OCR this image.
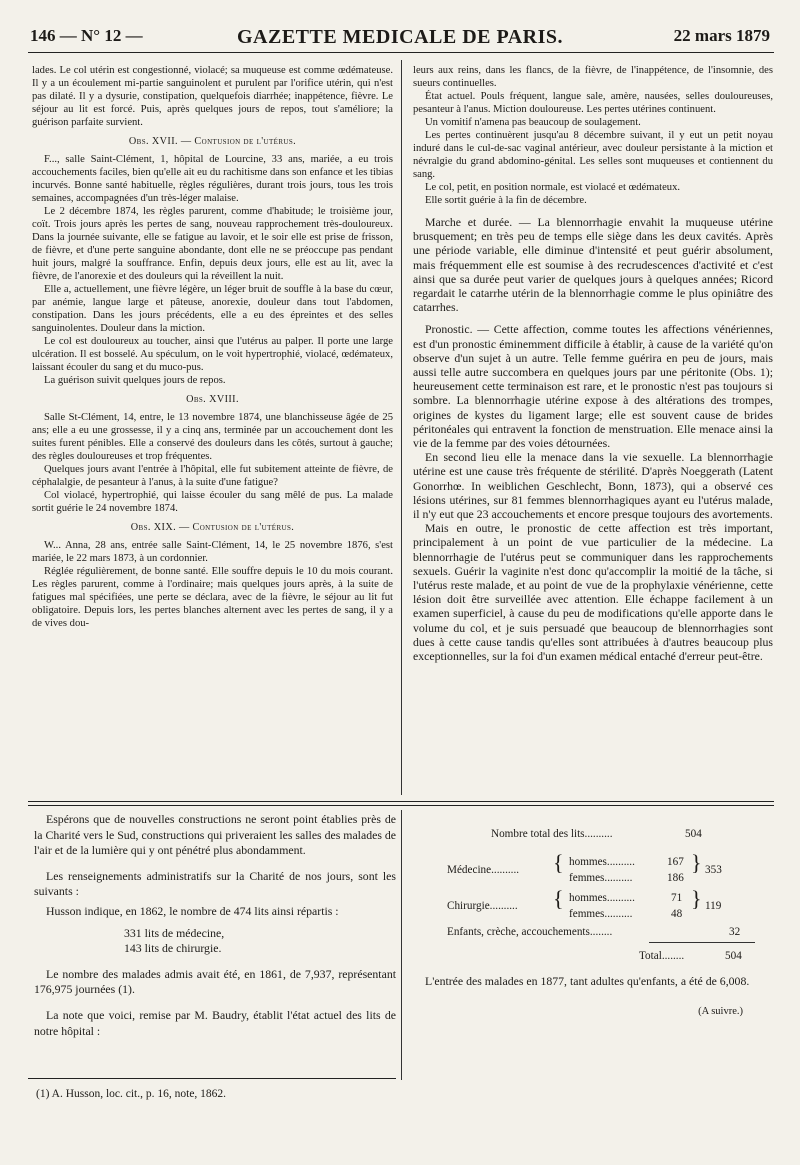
146 — N° 12 —	GAZETTE MEDICALE DE PARIS.	22 mars 1879

lades. Le col utérin est congestionné, violacé; sa muqueuse est comme œdémateuse. Il y a un écoulement mi-partie sanguinolent et purulent par l'orifice utérin, qui n'est pas dilaté. Il y a dysurie, constipation, quelquefois diarrhée; inappétence, fièvre. Le séjour au lit est forcé. Puis, après quelques jours de repos, tout s'améliore; la guérison parfaite survient.

Obs. XVII. — Contusion de l'utérus.

F..., salle Saint-Clément, 1, hôpital de Lourcine, 33 ans, mariée, a eu trois accouchements faciles, bien qu'elle ait eu du rachitisme dans son enfance et les tibias incurvés. Bonne santé habituelle, règles régulières, durant trois jours, tous les trois semaines, accompagnées d'un très-léger malaise.

Le 2 décembre 1874, les règles parurent, comme d'habitude; le troisième jour, coït. Trois jours après les pertes de sang, nouveau rapprochement très-douloureux. Dans la journée suivante, elle se fatigue au lavoir, et le soir elle est prise de frisson, de fièvre, et d'une perte sanguine abondante, dont elle ne se préoccupe pas pendant huit jours, malgré la souffrance. Enfin, depuis deux jours, elle est au lit, avec la fièvre, de l'anorexie et des douleurs qui la réveillent la nuit.

Elle a, actuellement, une fièvre légère, un léger bruit de souffle à la base du cœur, par anémie, langue large et pâteuse, anorexie, douleur dans tout l'abdomen, constipation. Dans les jours précédents, elle a eu des épreintes et des selles sanguinolentes. Douleur dans la miction.

Le col est douloureux au toucher, ainsi que l'utérus au palper. Il porte une large ulcération. Il est bosselé. Au spéculum, on le voit hypertrophié, violacé, œdémateux, laissant écouler du sang et du muco-pus.

La guérison suivit quelques jours de repos.

Obs. XVIII.

Salle St-Clément, 14, entre, le 13 novembre 1874, une blanchisseuse âgée de 25 ans; elle a eu une grossesse, il y a cinq ans, terminée par un accouchement dont les suites furent pénibles. Elle a conservé des douleurs dans les côtés, surtout à gauche; des règles douloureuses et trop fréquentes.

Quelques jours avant l'entrée à l'hôpital, elle fut subitement atteinte de fièvre, de céphalalgie, de pesanteur à l'anus, à la suite d'une fatigue?

Col violacé, hypertrophié, qui laisse écouler du sang mêlé de pus. La malade sortit guérie le 24 novembre 1874.

Obs. XIX. — Contusion de l'utérus.

W... Anna, 28 ans, entrée salle Saint-Clément, 14, le 25 novembre 1876, s'est mariée, le 22 mars 1873, à un cordonnier.

Réglée régulièrement, de bonne santé. Elle souffre depuis le 10 du mois courant. Les règles parurent, comme à l'ordinaire; mais quelques jours après, à la suite de fatigues mal spécifiées, une perte se déclara, avec de la fièvre, le séjour au lit fut obligatoire. Depuis lors, les pertes blanches alternent avec les pertes de sang, il y a de vives dou-

leurs aux reins, dans les flancs, de la fièvre, de l'inappétence, de l'insomnie, des sueurs continuelles.

État actuel. Pouls fréquent, langue sale, amère, nausées, selles douloureuses, pesanteur à l'anus. Miction douloureuse. Les pertes utérines continuent.

Un vomitif n'amena pas beaucoup de soulagement.

Les pertes continuèrent jusqu'au 8 décembre suivant, il y eut un petit noyau induré dans le cul-de-sac vaginal antérieur, avec douleur persistante à la miction et névralgie du grand abdomino-génital. Les selles sont muqueuses et contiennent du sang.

Le col, petit, en position normale, est violacé et œdémateux.

Elle sortit guérie à la fin de décembre.

Marche et durée. — La blennorrhagie envahit la muqueuse utérine brusquement; en très peu de temps elle siège dans les deux cavités. Après une période variable, elle diminue d'intensité et peut guérir absolument, mais fréquemment elle est soumise à des recrudescences d'activité et c'est ainsi que sa durée peut varier de quelques jours à quelques années; Ricord regardait le catarrhe utérin de la blennorrhagie comme le plus opiniâtre des catarrhes.

Pronostic. — Cette affection, comme toutes les affections vénériennes, est d'un pronostic éminemment difficile à établir, à cause de la variété qu'on observe d'un sujet à un autre. Telle femme guérira en peu de jours, mais aussi telle autre succombera en quelques jours par une péritonite (Obs. 1); heureusement cette terminaison est rare, et le pronostic n'est pas toujours si sombre. La blennorrhagie utérine expose à des altérations des trompes, origines de kystes du ligament large; elle est souvent cause de brides péritonéales qui entravent la fonction de menstruation. Elle menace ainsi la vie de la femme par des voies détournées.

En second lieu elle la menace dans la vie sexuelle. La blennorrhagie utérine est une cause très fréquente de stérilité. D'après Noeggerath (Latent Gonorrhœ. In weiblichen Geschlecht, Bonn, 1873), qui a observé ces lésions utérines, sur 81 femmes blennorrhagiques ayant eu l'utérus malade, il n'y eut que 23 accouchements et encore presque toujours des avortements.

Mais en outre, le pronostic de cette affection est très important, principalement à un point de vue particulier de la médecine. La blennorrhagie de l'utérus peut se communiquer dans les rapprochements sexuels. Guérir la vaginite n'est donc qu'accomplir la moitié de la tâche, si l'utérus reste malade, et au point de vue de la prophylaxie vénérienne, cette lésion doit être surveillée avec attention. Elle échappe facilement à un examen superficiel, à cause du peu de modifications qu'elle apporte dans le volume du col, et je suis persuadé que beaucoup de blennorrhagies sont dues à cette cause tandis qu'elles sont attribuées à d'autres beaucoup plus exceptionnelles, sur la foi d'un examen médical entaché d'erreur peut-être.

Espérons que de nouvelles constructions ne seront point établies près de la Charité vers le Sud, constructions qui priveraient les salles des malades de l'air et de la lumière qui y ont pénétré plus abondamment.

Les renseignements administratifs sur la Charité de nos jours, sont les suivants :

Husson indique, en 1862, le nombre de 474 lits ainsi répartis :

331 lits de médecine,

143 lits de chirurgie.

Le nombre des malades admis avait été, en 1861, de 7,937, représentant 176,975 journées (1).

La note que voici, remise par M. Baudry, établit l'état actuel des lits de notre hôpital :

Nombre total des lits..........	504
Médecine.......... { hommes..........	167
femmes..........	186
} 353
Chirurgie.......... { hommes..........	71
femmes..........	48
} 119
Enfants, crèche, accouchements........	32
Total........	504

L'entrée des malades en 1877, tant adultes qu'enfants, a été de 6,008.

(A suivre.)

(1) A. Husson, loc. cit., p. 16, note, 1862.
